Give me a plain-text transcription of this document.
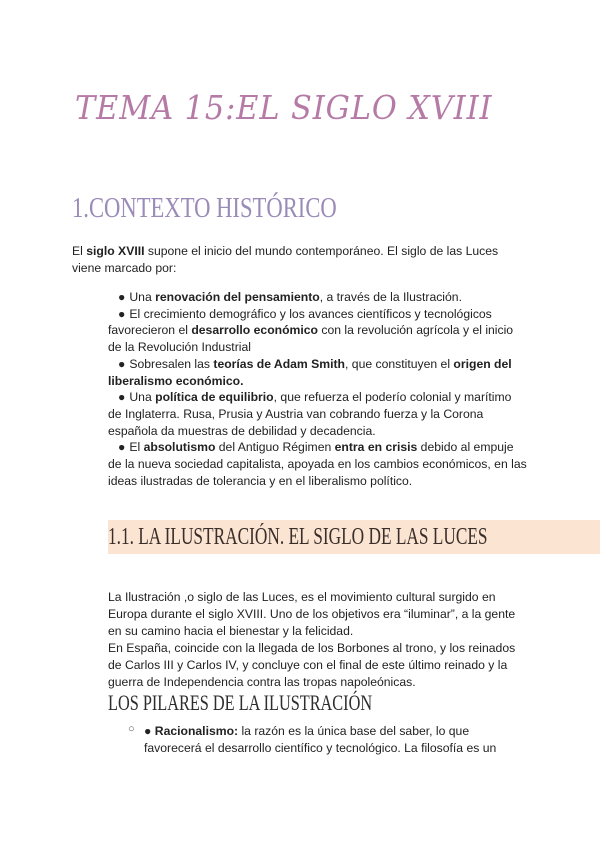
TEMA 15:EL SIGLO XVIII
1.CONTEXTO HISTÓRICO

El siglo XVIII supone el inicio del mundo contemporáneo. El siglo de las Luces viene marcado por:

● Una renovación del pensamiento, a través de la Ilustración.
● El crecimiento demográfico y los avances científicos y tecnológicos favorecieron el desarrollo económico con la revolución agrícola y el inicio de la Revolución Industrial
● Sobresalen las teorías de Adam Smith, que constituyen el origen del liberalismo económico.
● Una política de equilibrio, que refuerza el poderío colonial y marítimo de Inglaterra. Rusa, Prusia y Austria van cobrando fuerza y la Corona española da muestras de debilidad y decadencia.
● El absolutismo del Antiguo Régimen entra en crisis debido al empuje de la nueva sociedad capitalista, apoyada en los cambios económicos, en las ideas ilustradas de tolerancia y en el liberalismo político.
1.1. LA ILUSTRACIÓN. EL SIGLO DE LAS LUCES

La Ilustración ,o siglo de las Luces, es el movimiento cultural surgido en Europa durante el siglo XVIII. Uno de los objetivos era “iluminar”, a la gente en su camino hacia el bienestar y la felicidad.

En España, coincide con la llegada de los Borbones al trono, y los reinados de Carlos III y Carlos IV, y concluye con el final de este último reinado y la guerra de Independencia contra las tropas napoleónicas.

LOS PILARES DE LA ILUSTRACIÓN
○ ● Racionalismo: la razón es la única base del saber, lo que favorecerá el desarrollo científico y tecnológico. La filosofía es un
